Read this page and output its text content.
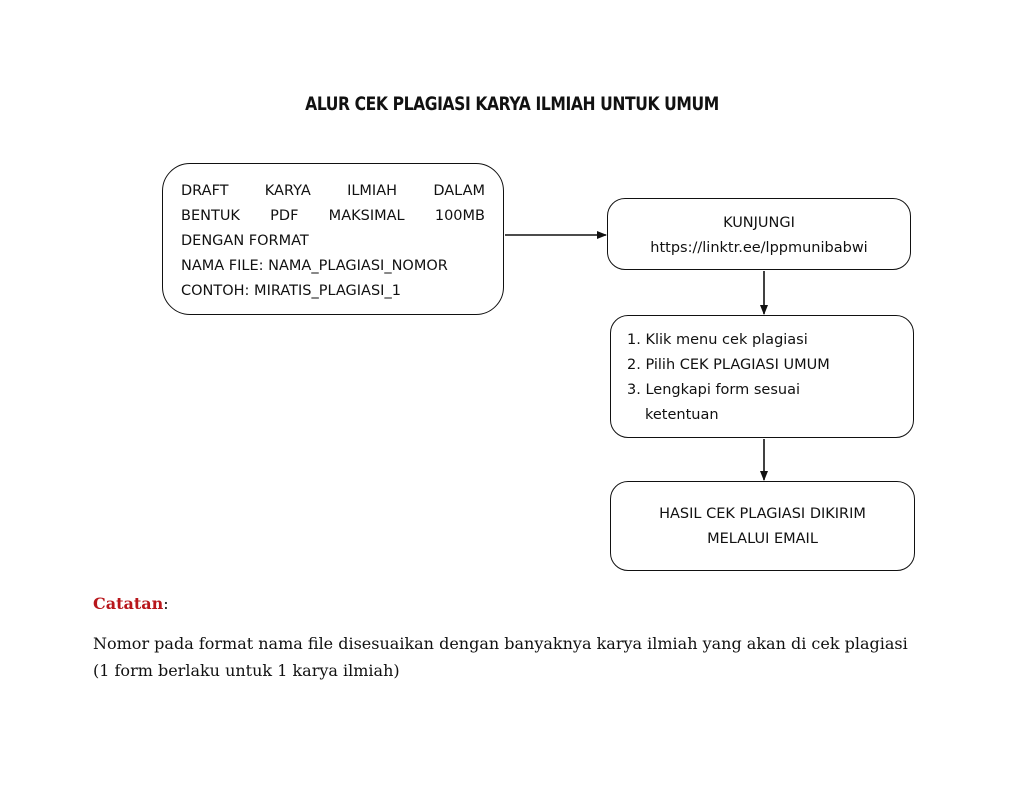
ALUR CEK PLAGIASI KARYA ILMIAH UNTUK UMUM
DRAFT KARYA ILMIAH DALAM
BENTUK PDF MAKSIMAL 100MB
DENGAN FORMAT
NAMA FILE: NAMA_PLAGIASI_NOMOR
CONTOH: MIRATIS_PLAGIASI_1
KUNJUNGI
https://linktr.ee/lppmunibabwi
1. Klik menu cek plagiasi
2. Pilih CEK PLAGIASI UMUM
3. Lengkapi form sesuai
ketentuan
HASIL CEK PLAGIASI DIKIRIM
MELALUI EMAIL
Catatan:
Nomor pada format nama file disesuaikan dengan banyaknya karya ilmiah yang akan di cek plagiasi (1 form berlaku untuk 1 karya ilmiah)
